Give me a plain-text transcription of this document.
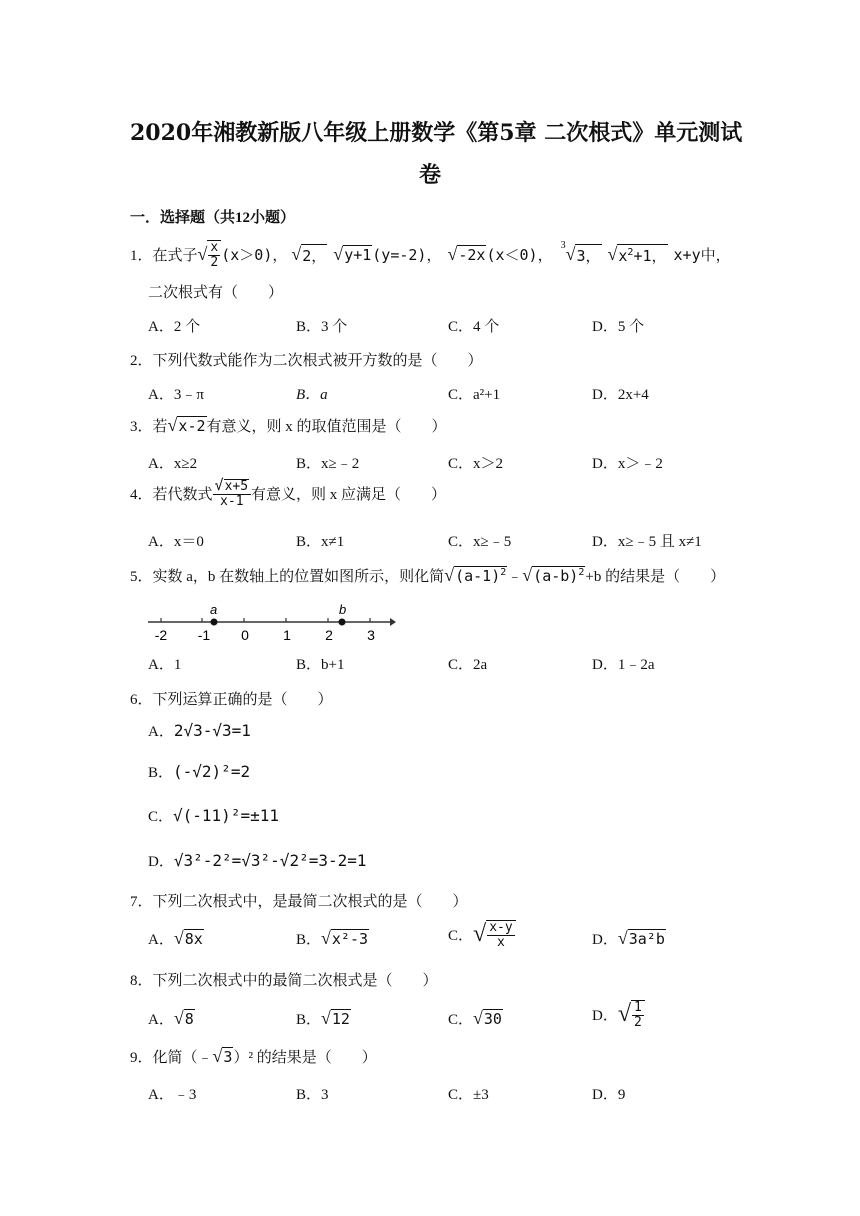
2020年湘教新版八年级上册数学《第5章 二次根式》单元测试
卷
一．选择题（共12小题）
1． 在式子 √ $\frac{x}{2} (x>0)$， √ 2， √ y+1 (y=-2)， √ -2x (x＜0)，
3 √ 3， √ $x^2+1$， x+y中，
二次根式有（　　）
A．2 个	B．3 个	C．4 个	D．5 个
2．下列代数式能作为二次根式被开方数的是（　　）
A．3﹣π	B．a	C．a²+1	D．2x+4
3． 若 √ x-2 有意义，则 x 的取值范围是（　　）
A．x≥2	B．x≥﹣2	C．x＞2	D．x＞﹣2
4． 若代数式 $\frac{√ x+5}{x-1}$ 有意义，则 x 应满足（　　）
A．x＝0	B．x≠1	C．x≥﹣5	D．x≥﹣5 且 x≠1
5． 实数 a，b 在数轴上的位置如图所示，则化简 √ $(a-1)^2$ ﹣ √ $(a-b)^2 +b$ 的结果是（　　）
a	b
-2 -1 0 1 2 3
A．1	B．b+1	C．2a	D．1﹣2a
6．下列运算正确的是（　　）
A． 2√3-√3=1
B． (-√2)²=2
C． √(-11)²=±11
D． √3²-2²=√3²-√2²=3-2=1
7．下列二次根式中，是最简二次根式的是（　　）
A． √ 8x	B． √ x²-3	C． √ $\frac{x-y}{x}$	D． √ 3a²b
8．下列二次根式中的最简二次根式是（　　）
A． √ 8	B． √ 12	C． √ 30	D． √ $\frac{1}{2}$
9． 化简（﹣ √ 3 ）² 的结果是（　　）
A．﹣3	B．3	C．±3	D．9
